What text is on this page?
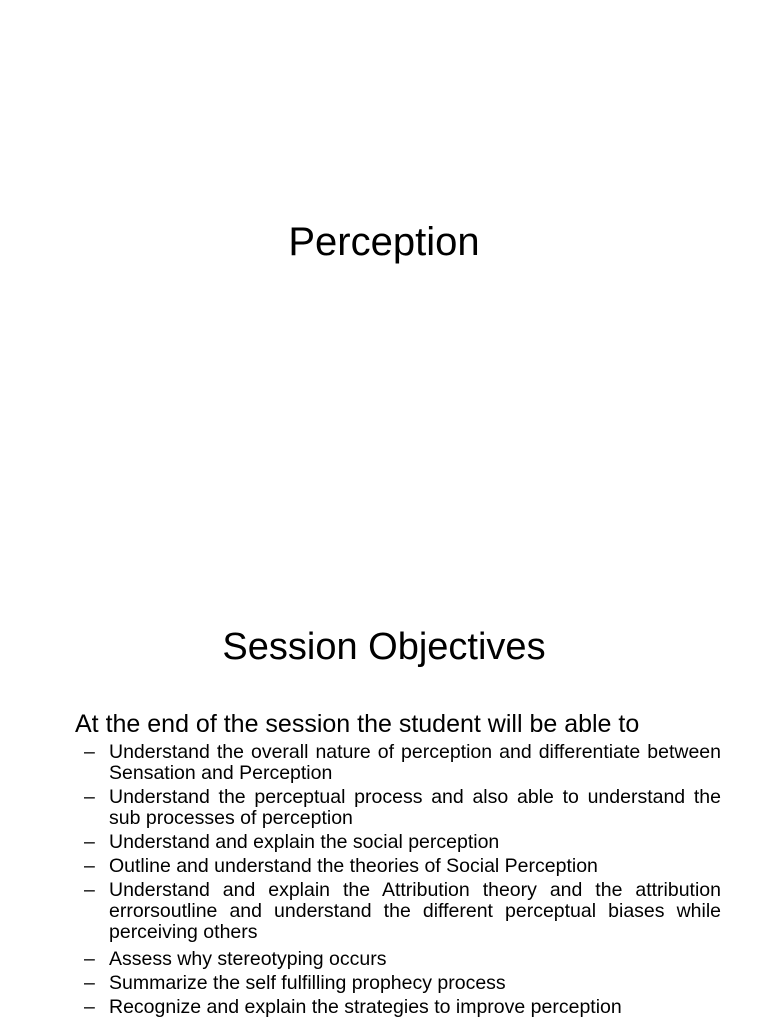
Perception
Session Objectives
At the end of the session the student will be able to
– Understand the overall nature of perception and differentiate between Sensation and Perception
– Understand the perceptual process and also able to understand the sub processes of perception
– Understand and explain the social perception
– Outline and understand the theories of Social Perception
– Understand and explain the Attribution theory and the attribution errorsoutline and understand the different perceptual biases while perceiving others
– Assess why stereotyping occurs
– Summarize the self fulfilling prophecy process
– Recognize and explain the strategies to improve perception
